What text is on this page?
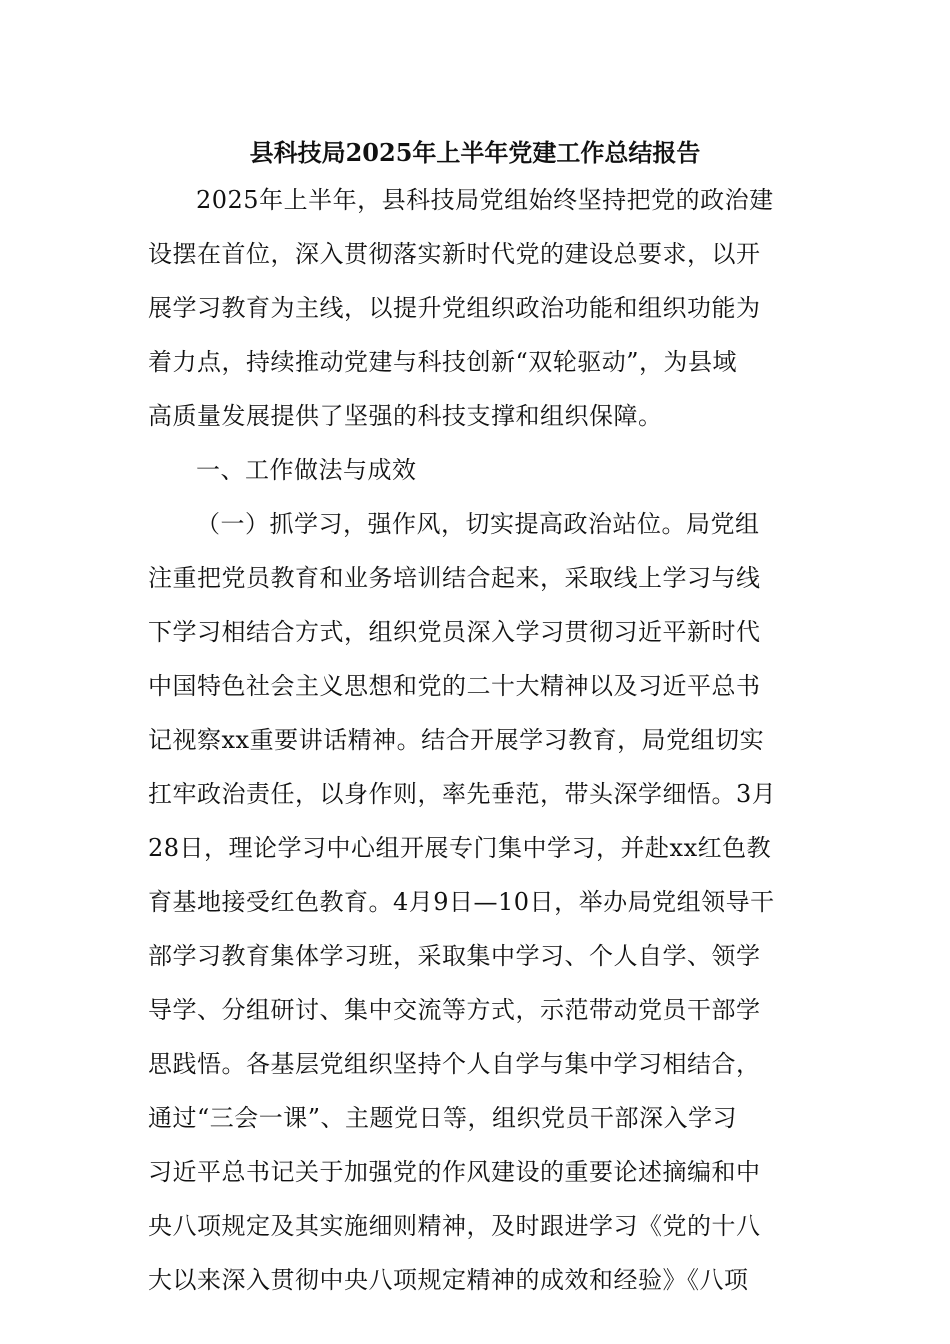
县科技局2025年上半年党建工作总结报告
2025年上半年，县科技局党组始终坚持把党的政治建
设摆在首位，深入贯彻落实新时代党的建设总要求，以开
展学习教育为主线，以提升党组织政治功能和组织功能为
着力点，持续推动党建与科技创新“双轮驱动”，为县域
高质量发展提供了坚强的科技支撑和组织保障。
一、工作做法与成效
（一）抓学习，强作风，切实提高政治站位。局党组
注重把党员教育和业务培训结合起来，采取线上学习与线
下学习相结合方式，组织党员深入学习贯彻习近平新时代
中国特色社会主义思想和党的二十大精神以及习近平总书
记视察xx重要讲话精神。结合开展学习教育，局党组切实
扛牢政治责任，以身作则，率先垂范，带头深学细悟。3月
28日，理论学习中心组开展专门集中学习，并赴xx红色教
育基地接受红色教育。4月9日—10日，举办局党组领导干
部学习教育集体学习班，采取集中学习、个人自学、领学
导学、分组研讨、集中交流等方式，示范带动党员干部学
思践悟。各基层党组织坚持个人自学与集中学习相结合，
通过“三会一课”、主题党日等，组织党员干部深入学习
习近平总书记关于加强党的作风建设的重要论述摘编和中
央八项规定及其实施细则精神，及时跟进学习《党的十八
大以来深入贯彻中央八项规定精神的成效和经验》《八项
